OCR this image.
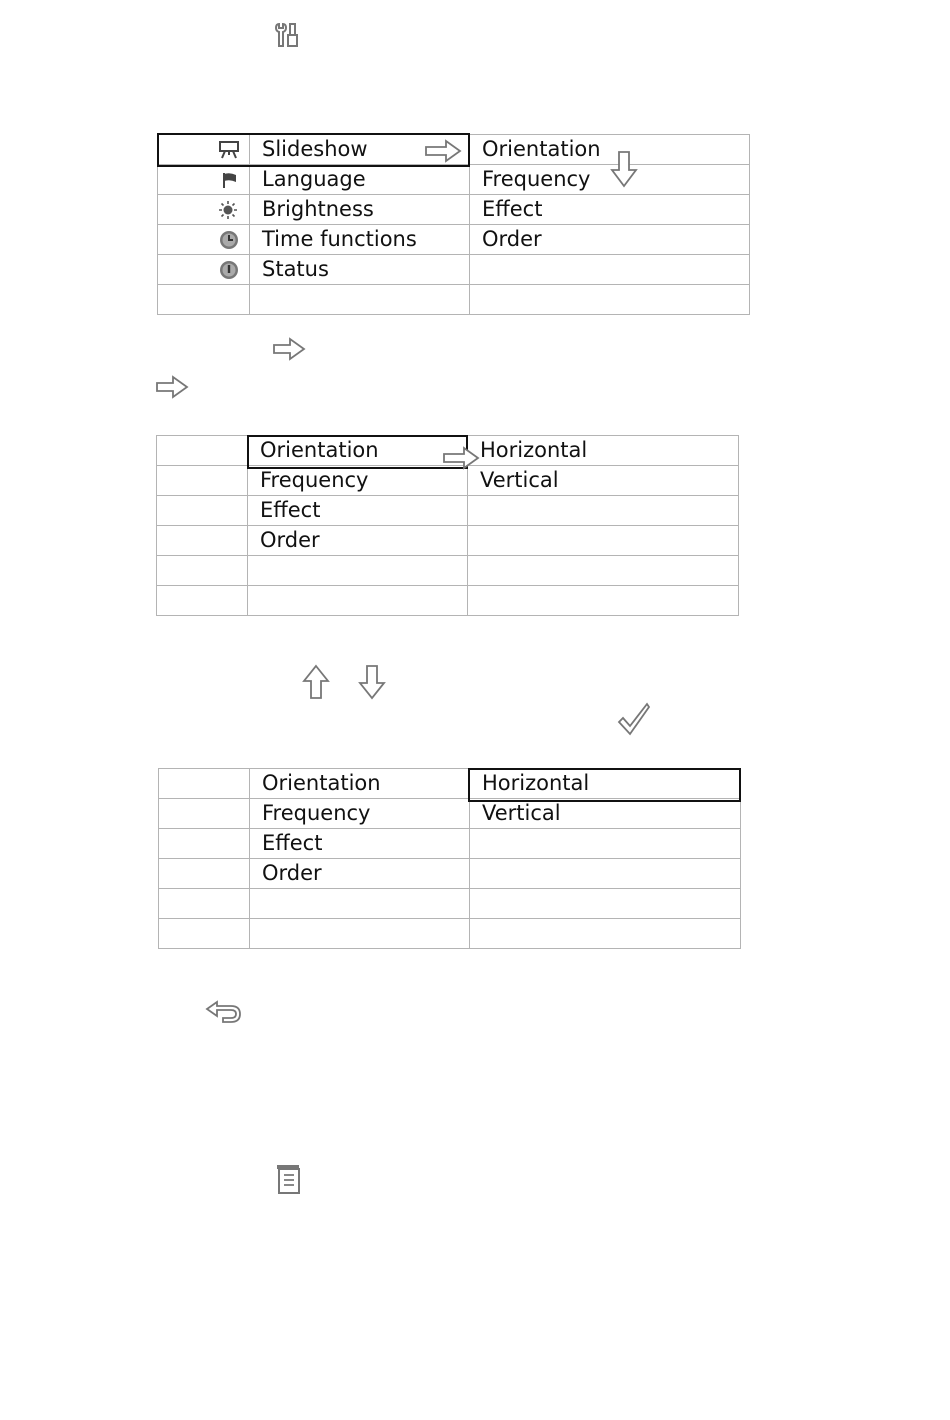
	Slideshow	Orientation

	Language	Frequency

	Brightness	Effect

	Time functions	Order

	Status	

	Orientation	Horizontal
	Frequency	Vertical
	Effect	
	Order	

	Orientation	Horizontal
	Frequency	Vertical
	Effect	
	Order	
